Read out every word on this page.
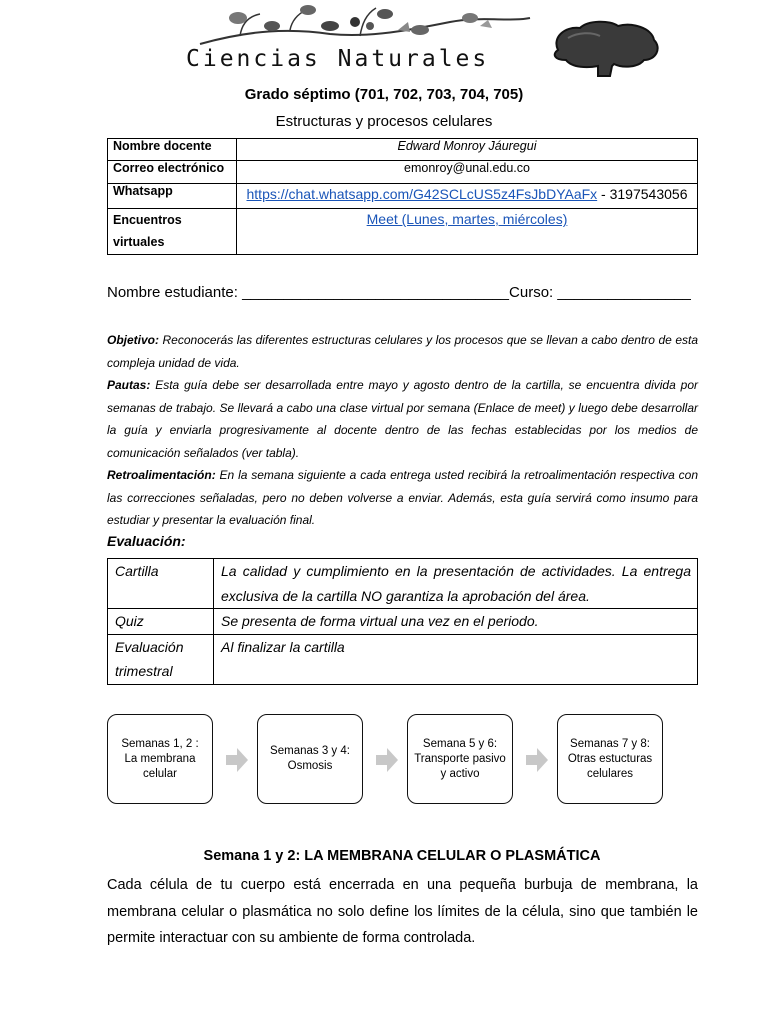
Ciencias Naturales
Grado séptimo (701, 702, 703, 704, 705)
Estructuras y procesos celulares
Nombre docente	Edward Monroy Jáuregui
Correo electrónico	emonroy@unal.edu.co
Whatsapp	https://chat.whatsapp.com/G42SCLcUS5z4FsJbDYAaFx - 3197543056

Encuentros
virtuales	Meet (Lunes, martes, miércoles)
Nombre estudiante: ________________________________Curso: ________________
Objetivo: Reconocerás las diferentes estructuras celulares y los procesos que se llevan a cabo dentro de esta compleja unidad de vida.
Pautas: Esta guía debe ser desarrollada entre mayo y agosto dentro de la cartilla, se encuentra divida por semanas de trabajo. Se llevará a cabo una clase virtual por semana (Enlace de meet) y luego debe desarrollar la guía y enviarla progresivamente al docente dentro de las fechas establecidas por los medios de comunicación señalados (ver tabla).
Retroalimentación: En la semana siguiente a cada entrega usted recibirá la retroalimentación respectiva con las correcciones señaladas, pero no deben volverse a enviar. Además, esta guía servirá como insumo para estudiar y presentar la evaluación final.
Evaluación:
Cartilla	La calidad y cumplimiento en la presentación de actividades. La entrega exclusiva de la cartilla NO garantiza la aprobación del área.
Quiz	Se presenta de forma virtual una vez en el periodo.
Evaluación trimestral	Al finalizar la cartilla
Semanas 1, 2 : La membrana celular
Semanas 3 y 4: Osmosis
Semana 5 y 6: Transporte pasivo y activo
Semanas 7 y 8: Otras estucturas celulares
Semana 1 y 2: LA MEMBRANA CELULAR O PLASMÁTICA
Cada célula de tu cuerpo está encerrada en una pequeña burbuja de membrana, la membrana celular o plasmática no solo define los límites de la célula, sino que también le permite interactuar con su ambiente de forma controlada.
